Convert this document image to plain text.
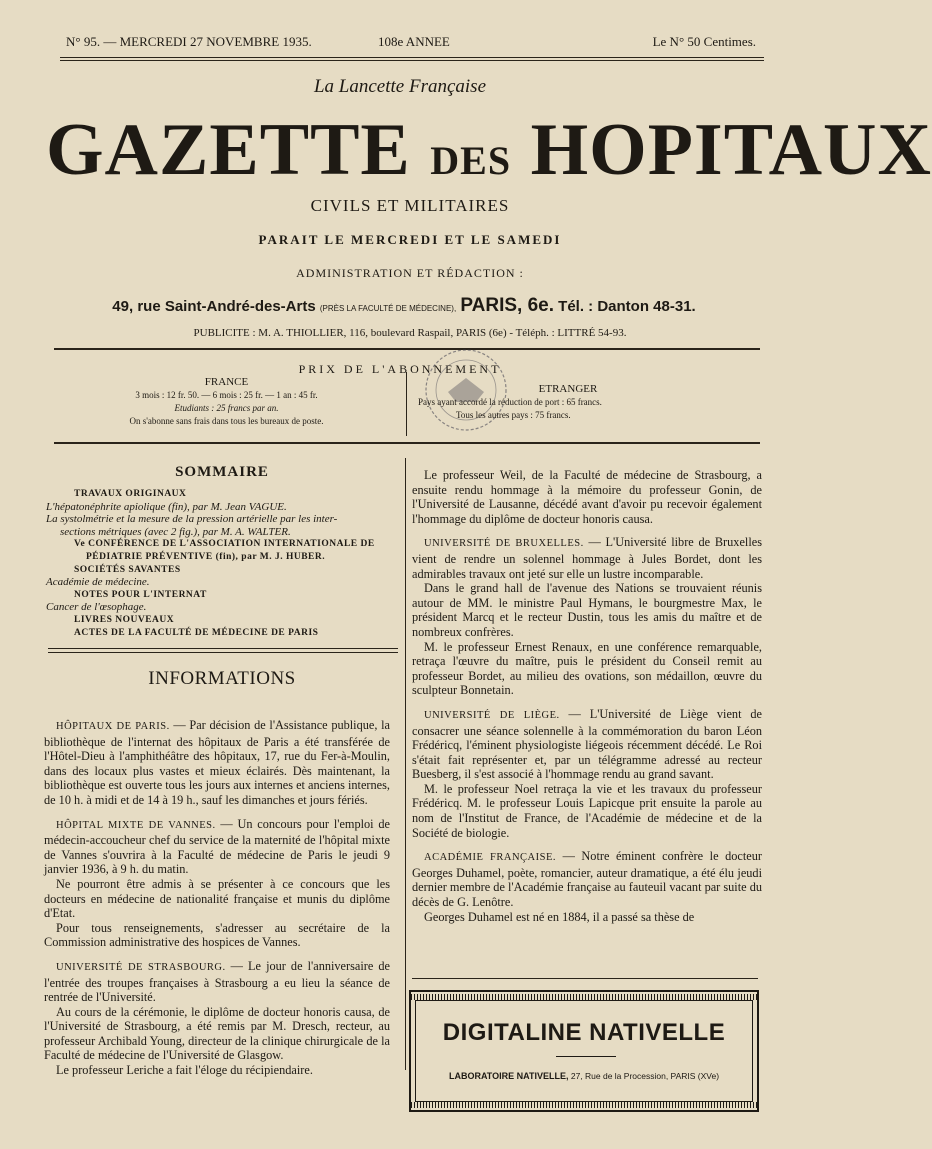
N° 95. — MERCREDI 27 NOVEMBRE 1935.	108e ANNEE	Le N° 50 Centimes.
La Lancette Française
GAZETTE DES HOPITAUX
CIVILS ET MILITAIRES
PARAIT LE MERCREDI ET LE SAMEDI
ADMINISTRATION ET RÉDACTION :
49, rue Saint-André-des-Arts (PRÈS LA FACULTÉ DE MÉDECINE), PARIS, 6e. Tél. : Danton 48-31.
PUBLICITE : M. A. THIOLLIER, 116, boulevard Raspail, PARIS (6e) - Téléph. : LITTRÉ 54-93.
PRIX DE L'ABONNEMENT
FRANCE
3 mois : 12 fr. 50. — 6 mois : 25 fr. — 1 an : 45 fr.
Etudiants : 25 francs par an.
On s'abonne sans frais dans tous les bureaux de poste.
ETRANGER
Pays ayant accordé la réduction de port : 65 francs.
Tous les autres pays : 75 francs.
SOMMAIRE
TRAVAUX ORIGINAUX
L'hépatonéphrite apiolique (fin), par M. Jean VAGUE.
La systolmétrie et la mesure de la pression artérielle par les inter-
sections métriques (avec 2 fig.), par M. A. WALTER.
Ve CONFÉRENCE DE L'ASSOCIATION INTERNATIONALE DE
PÉDIATRIE PRÉVENTIVE (fin), par M. J. HUBER.
SOCIÉTÉS SAVANTES
Académie de médecine.
NOTES POUR L'INTERNAT
Cancer de l'œsophage.
LIVRES NOUVEAUX
ACTES DE LA FACULTÉ DE MÉDECINE DE PARIS
INFORMATIONS

HÔPITAUX DE PARIS. — Par décision de l'Assistance publique, la bibliothèque de l'internat des hôpitaux de Paris a été transférée de l'Hôtel-Dieu à l'amphithéâtre des hôpitaux, 17, rue du Fer-à-Moulin, dans des locaux plus vastes et mieux éclairés. Dès maintenant, la bibliothèque est ouverte tous les jours aux internes et anciens internes, de 10 h. à midi et de 14 à 19 h., sauf les dimanches et jours fériés.

HÔPITAL MIXTE DE VANNES. — Un concours pour l'emploi de médecin-accoucheur chef du service de la maternité de l'hôpital mixte de Vannes s'ouvrira à la Faculté de médecine de Paris le jeudi 9 janvier 1936, à 9 h. du matin.

Ne pourront être admis à se présenter à ce concours que les docteurs en médecine de nationalité française et munis du diplôme d'Etat.

Pour tous renseignements, s'adresser au secrétaire de la Commission administrative des hospices de Vannes.

UNIVERSITÉ DE STRASBOURG. — Le jour de l'anniversaire de l'entrée des troupes françaises à Strasbourg a eu lieu la séance de rentrée de l'Université.

Au cours de la cérémonie, le diplôme de docteur honoris causa, de l'Université de Strasbourg, a été remis par M. Dresch, recteur, au professeur Archibald Young, directeur de la clinique chirurgicale de la Faculté de médecine de l'Université de Glasgow.

Le professeur Leriche a fait l'éloge du récipiendaire.

Le professeur Weil, de la Faculté de médecine de Strasbourg, a ensuite rendu hommage à la mémoire du professeur Gonin, de l'Université de Lausanne, décédé avant d'avoir pu recevoir également l'hommage du diplôme de docteur honoris causa.

UNIVERSITÉ DE BRUXELLES. — L'Université libre de Bruxelles vient de rendre un solennel hommage à Jules Bordet, dont les admirables travaux ont jeté sur elle un lustre incomparable.

Dans le grand hall de l'avenue des Nations se trouvaient réunis autour de MM. le ministre Paul Hymans, le bourgmestre Max, le président Marcq et le recteur Dustin, tous les amis du maître et de nombreux confrères.

M. le professeur Ernest Renaux, en une conférence remarquable, retraça l'œuvre du maître, puis le président du Conseil remit au professeur Bordet, au milieu des ovations, son médaillon, œuvre du sculpteur Bonnetain.

UNIVERSITÉ DE LIÈGE. — L'Université de Liège vient de consacrer une séance solennelle à la commémoration du baron Léon Frédéricq, l'éminent physiologiste liégeois récemment décédé. Le Roi s'était fait représenter et, par un télégramme adressé au recteur Buesberg, il s'est associé à l'hommage rendu au grand savant.

M. le professeur Noel retraça la vie et les travaux du professeur Frédéricq. M. le professeur Louis Lapicque prit ensuite la parole au nom de l'Institut de France, de l'Académie de médecine et de la Société de biologie.

ACADÉMIE FRANÇAISE. — Notre éminent confrère le docteur Georges Duhamel, poète, romancier, auteur dramatique, a été élu jeudi dernier membre de l'Académie française au fauteuil vacant par suite du décès de G. Lenôtre.

Georges Duhamel est né en 1884, il a passé sa thèse de

DIGITALINE NATIVELLE
LABORATOIRE NATIVELLE, 27, Rue de la Procession, PARIS (XVe)
